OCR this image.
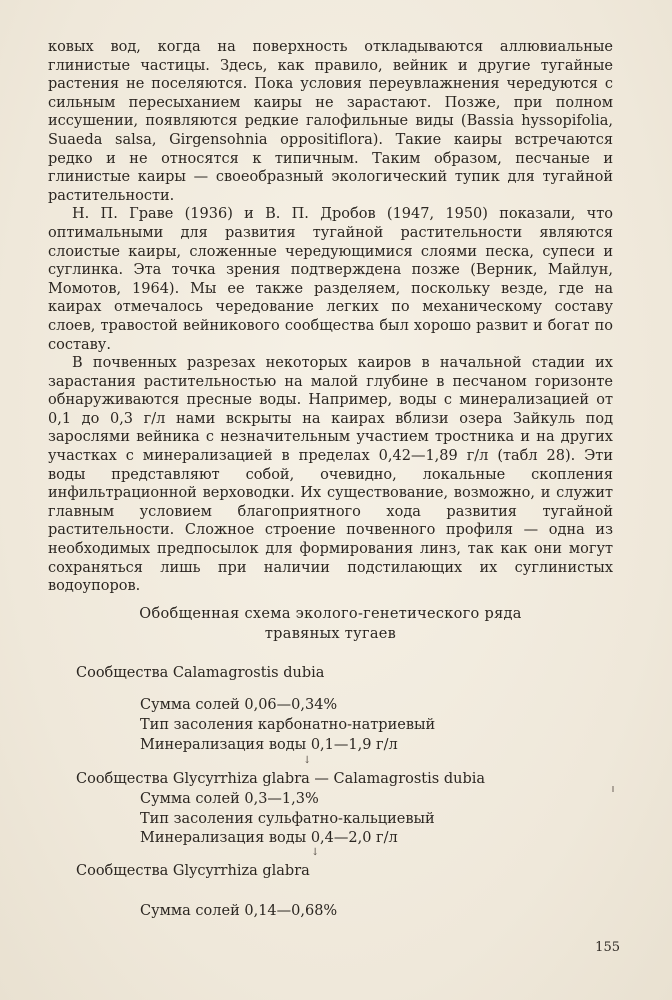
ковых вод, когда на поверхность откладываются аллювиальные глинистые частицы. Здесь, как правило, вейник и другие тугайные растения не поселяются. Пока условия переувлажнения чередуются с сильным пересыханием каиры не зарастают. Позже, при полном иссушении, появляются редкие галофильные виды (Bassia hyssopifolia, Suaeda salsa, Girgensohnia oppositiflora). Такие каиры встречаются редко и не относятся к типичным. Таким образом, песчаные и глинистые каиры — своеобразный экологический тупик для тугайной растительности.

Н. П. Граве (1936) и В. П. Дробов (1947, 1950) показали, что оптимальными для развития тугайной растительности являются слоистые каиры, сложенные чередующимися слоями песка, супеси и суглинка. Эта точка зрения подтверждена позже (Верник, Майлун, Момотов, 1964). Мы ее также разделяем, поскольку везде, где на каирах отмечалось чередование легких по механическому составу слоев, травостой вейникового сообщества был хорошо развит и богат по составу.

В почвенных разрезах некоторых каиров в начальной стадии их зарастания растительностью на малой глубине в песчаном горизонте обнаруживаются пресные воды. Например, воды с минерализацией от 0,1 до 0,3 г/л нами вскрыты на каирах вблизи озера Зайкуль под зарослями вейника с незначительным участием тростника и на других участках с минерализацией в пределах 0,42—1,89 г/л (табл 28). Эти воды представляют собой, очевидно, локальные скопления инфильтрационной верховодки. Их существование, возможно, и служит главным условием благоприятного хода развития тугайной растительности. Сложное строение почвенного профиля — одна из необходимых предпосылок для формирования линз, так как они могут сохраняться лишь при наличии подстилающих их суглинистых водоупоров.

Обобщенная схема эколого-генетического ряда
травяных тугаев
Сообщества Calamagrostis dubia
Сумма солей 0,06—0,34%
Тип засоления карбонатно-натриевый
Минерализация воды 0,1—1,9 г/л
↓
Сообщества Glycyrrhiza glabra — Calamagrostis dubia
Сумма солей 0,3—1,3%
Тип засоления сульфатно-кальциевый
Минерализация воды 0,4—2,0 г/л
↓
Сообщества Glycyrrhiza glabra
Сумма солей 0,14—0,68%
155
